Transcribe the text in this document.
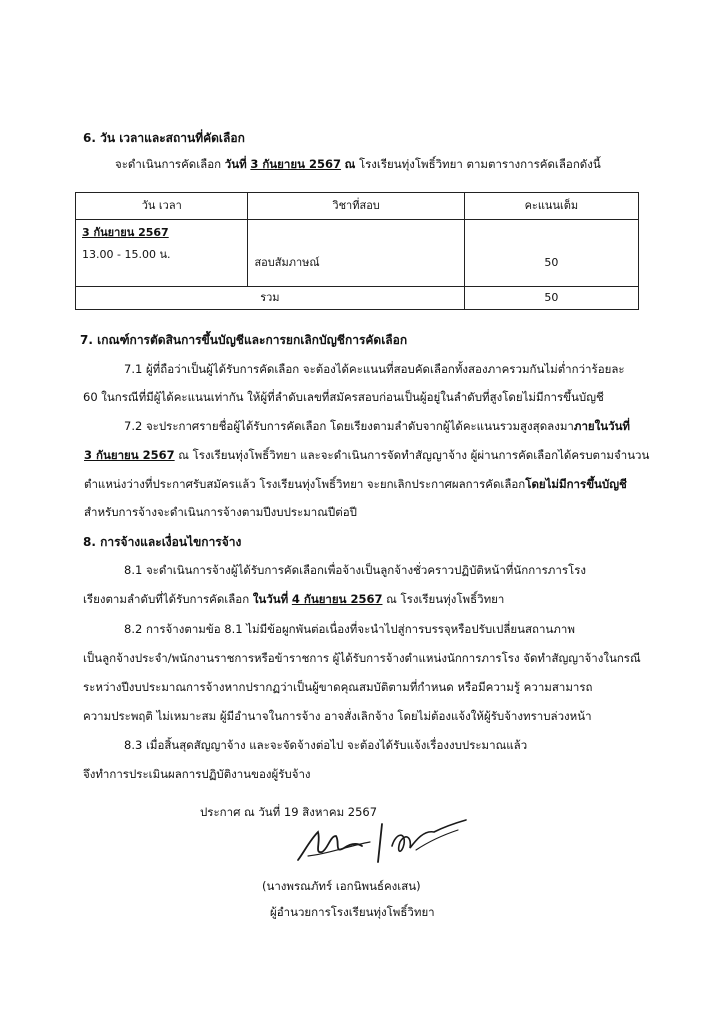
6. วัน เวลาและสถานที่คัดเลือก
จะดำเนินการคัดเลือก วันที่ 3 กันยายน 2567 ณ โรงเรียนทุ่งโพธิ์วิทยา ตามตารางการคัดเลือกดังนี้
วัน เวลา	วิชาที่สอบ	คะแนนเต็ม

3 กันยายน 2567
13.00 - 15.00 น.	สอบสัมภาษณ์	50
รวม		50
7. เกณฑ์การตัดสินการขึ้นบัญชีและการยกเลิกบัญชีการคัดเลือก
7.1 ผู้ที่ถือว่าเป็นผู้ได้รับการคัดเลือก จะต้องได้คะแนนที่สอบคัดเลือกทั้งสองภาครวมกันไม่ต่ำกว่าร้อยละ
60 ในกรณีที่มีผู้ได้คะแนนเท่ากัน ให้ผู้ที่ลำดับเลขที่สมัครสอบก่อนเป็นผู้อยู่ในลำดับที่สูงโดยไม่มีการขึ้นบัญชี
7.2 จะประกาศรายชื่อผู้ได้รับการคัดเลือก โดยเรียงตามลำดับจากผู้ได้คะแนนรวมสูงสุดลงมาภายในวันที่
3 กันยายน 2567 ณ โรงเรียนทุ่งโพธิ์วิทยา และจะดำเนินการจัดทำสัญญาจ้าง ผู้ผ่านการคัดเลือกได้ครบตามจำนวน
ตำแหน่งว่างที่ประกาศรับสมัครแล้ว โรงเรียนทุ่งโพธิ์วิทยา จะยกเลิกประกาศผลการคัดเลือกโดยไม่มีการขึ้นบัญชี
สำหรับการจ้างจะดำเนินการจ้างตามปีงบประมาณปีต่อปี
8. การจ้างและเงื่อนไขการจ้าง
8.1 จะดำเนินการจ้างผู้ได้รับการคัดเลือกเพื่อจ้างเป็นลูกจ้างชั่วคราวปฏิบัติหน้าที่นักการภารโรง
เรียงตามลำดับที่ได้รับการคัดเลือก ในวันที่ 4 กันยายน 2567 ณ โรงเรียนทุ่งโพธิ์วิทยา
8.2 การจ้างตามข้อ 8.1 ไม่มีข้อผูกพันต่อเนื่องที่จะนำไปสู่การบรรจุหรือปรับเปลี่ยนสถานภาพ
เป็นลูกจ้างประจำ/พนักงานราชการหรือข้าราชการ ผู้ได้รับการจ้างตำแหน่งนักการภารโรง จัดทำสัญญาจ้างในกรณี
ระหว่างปีงบประมาณการจ้างหากปรากฏว่าเป็นผู้ขาดคุณสมบัติตามที่กำหนด หรือมีความรู้ ความสามารถ
ความประพฤติ ไม่เหมาะสม ผู้มีอำนาจในการจ้าง อาจสั่งเลิกจ้าง โดยไม่ต้องแจ้งให้ผู้รับจ้างทราบล่วงหน้า
8.3 เมื่อสิ้นสุดสัญญาจ้าง และจะจัดจ้างต่อไป จะต้องได้รับแจ้งเรื่องงบประมาณแล้ว
จึงทำการประเมินผลการปฏิบัติงานของผู้รับจ้าง
ประกาศ ณ วันที่ 19 สิงหาคม 2567
(นางพรณภัทร์ เอกนิพนธ์คงเสน)
ผู้อำนวยการโรงเรียนทุ่งโพธิ์วิทยา
